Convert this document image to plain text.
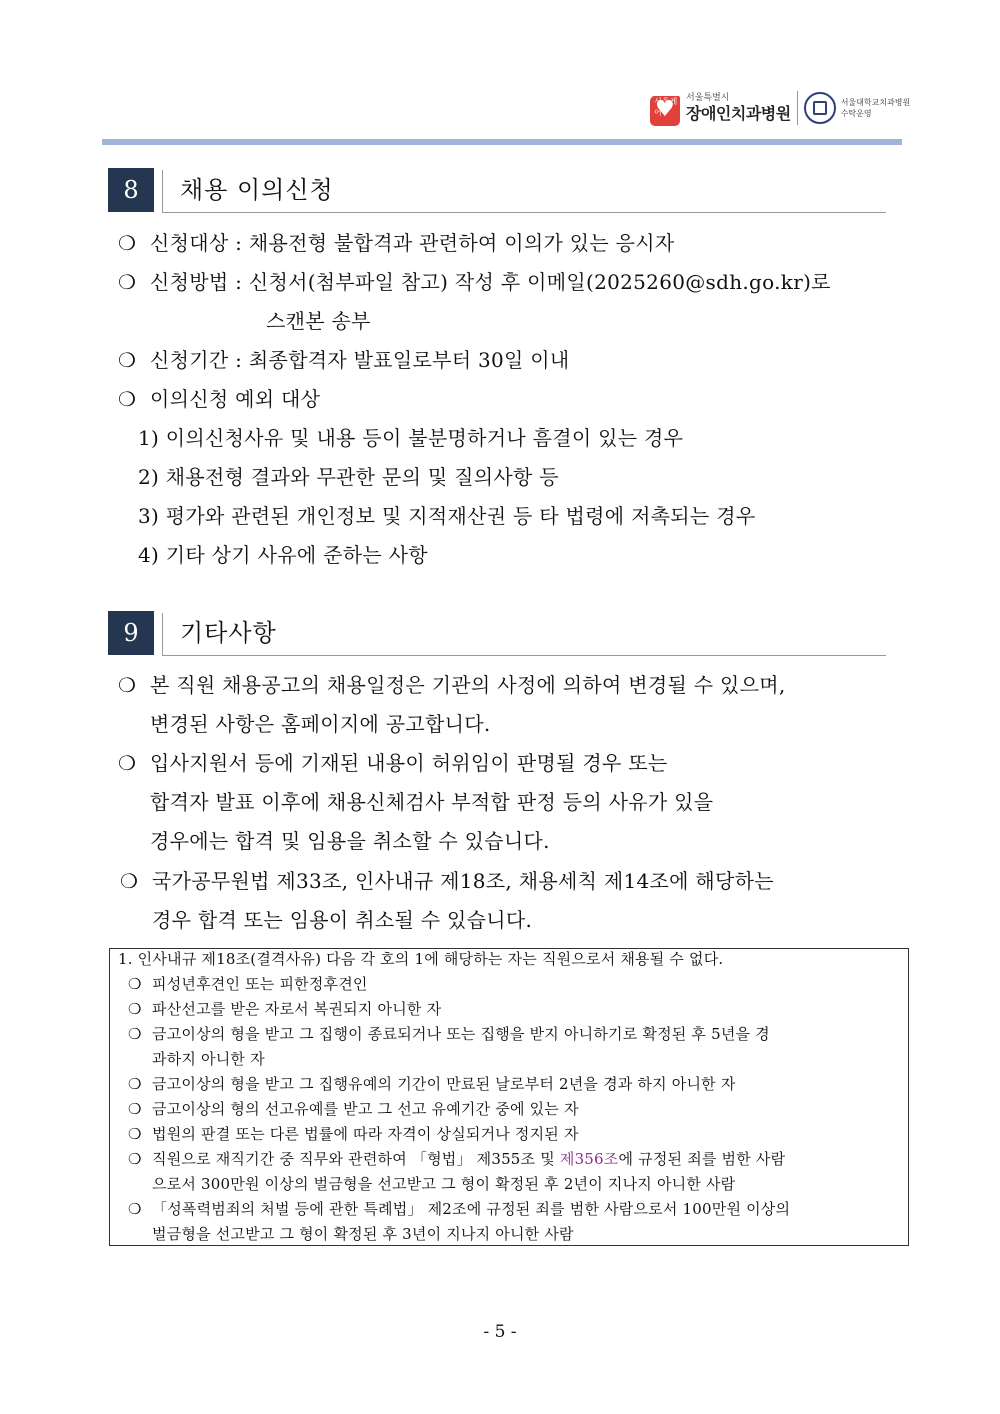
서울케어
♥
서울특별시
장애인치과병원
서울대학교치과병원
수탁운영
8	채용 이의신청
❍ 신청대상 : 채용전형 불합격과 관련하여 이의가 있는 응시자
❍ 신청방법 : 신청서(첨부파일 참고) 작성 후 이메일(2025260@sdh.go.kr)로
스캔본 송부
❍ 신청기간 : 최종합격자 발표일로부터 30일 이내
❍ 이의신청 예외 대상
1) 이의신청사유 및 내용 등이 불분명하거나 흠결이 있는 경우
2) 채용전형 결과와 무관한 문의 및 질의사항 등
3) 평가와 관련된 개인정보 및 지적재산권 등 타 법령에 저촉되는 경우
4) 기타 상기 사유에 준하는 사항
9	기타사항
❍ 본 직원 채용공고의 채용일정은 기관의 사정에 의하여 변경될 수 있으며,
변경된 사항은 홈페이지에 공고합니다.
❍ 입사지원서 등에 기재된 내용이 허위임이 판명될 경우 또는
합격자 발표 이후에 채용신체검사 부적합 판정 등의 사유가 있을
경우에는 합격 및 임용을 취소할 수 있습니다.
❍ 국가공무원법 제33조, 인사내규 제18조, 채용세칙 제14조에 해당하는
경우 합격 또는 임용이 취소될 수 있습니다.
1. 인사내규 제18조(결격사유) 다음 각 호의 1에 해당하는 자는 직원으로서 채용될 수 없다.
❍ 피성년후견인 또는 피한정후견인
❍ 파산선고를 받은 자로서 복권되지 아니한 자
❍ 금고이상의 형을 받고 그 집행이 종료되거나 또는 집행을 받지 아니하기로 확정된 후 5년을 경
과하지 아니한 자
❍ 금고이상의 형을 받고 그 집행유예의 기간이 만료된 날로부터 2년을 경과 하지 아니한 자
❍ 금고이상의 형의 선고유예를 받고 그 선고 유예기간 중에 있는 자
❍ 법원의 판결 또는 다른 법률에 따라 자격이 상실되거나 정지된 자
❍ 직원으로 재직기간 중 직무와 관련하여 「형법」 제355조 및 제356조에 규정된 죄를 범한 사람
으로서 300만원 이상의 벌금형을 선고받고 그 형이 확정된 후 2년이 지나지 아니한 사람
❍ 「성폭력범죄의 처벌 등에 관한 특례법」 제2조에 규정된 죄를 범한 사람으로서 100만원 이상의
벌금형을 선고받고 그 형이 확정된 후 3년이 지나지 아니한 사람
- 5 -
